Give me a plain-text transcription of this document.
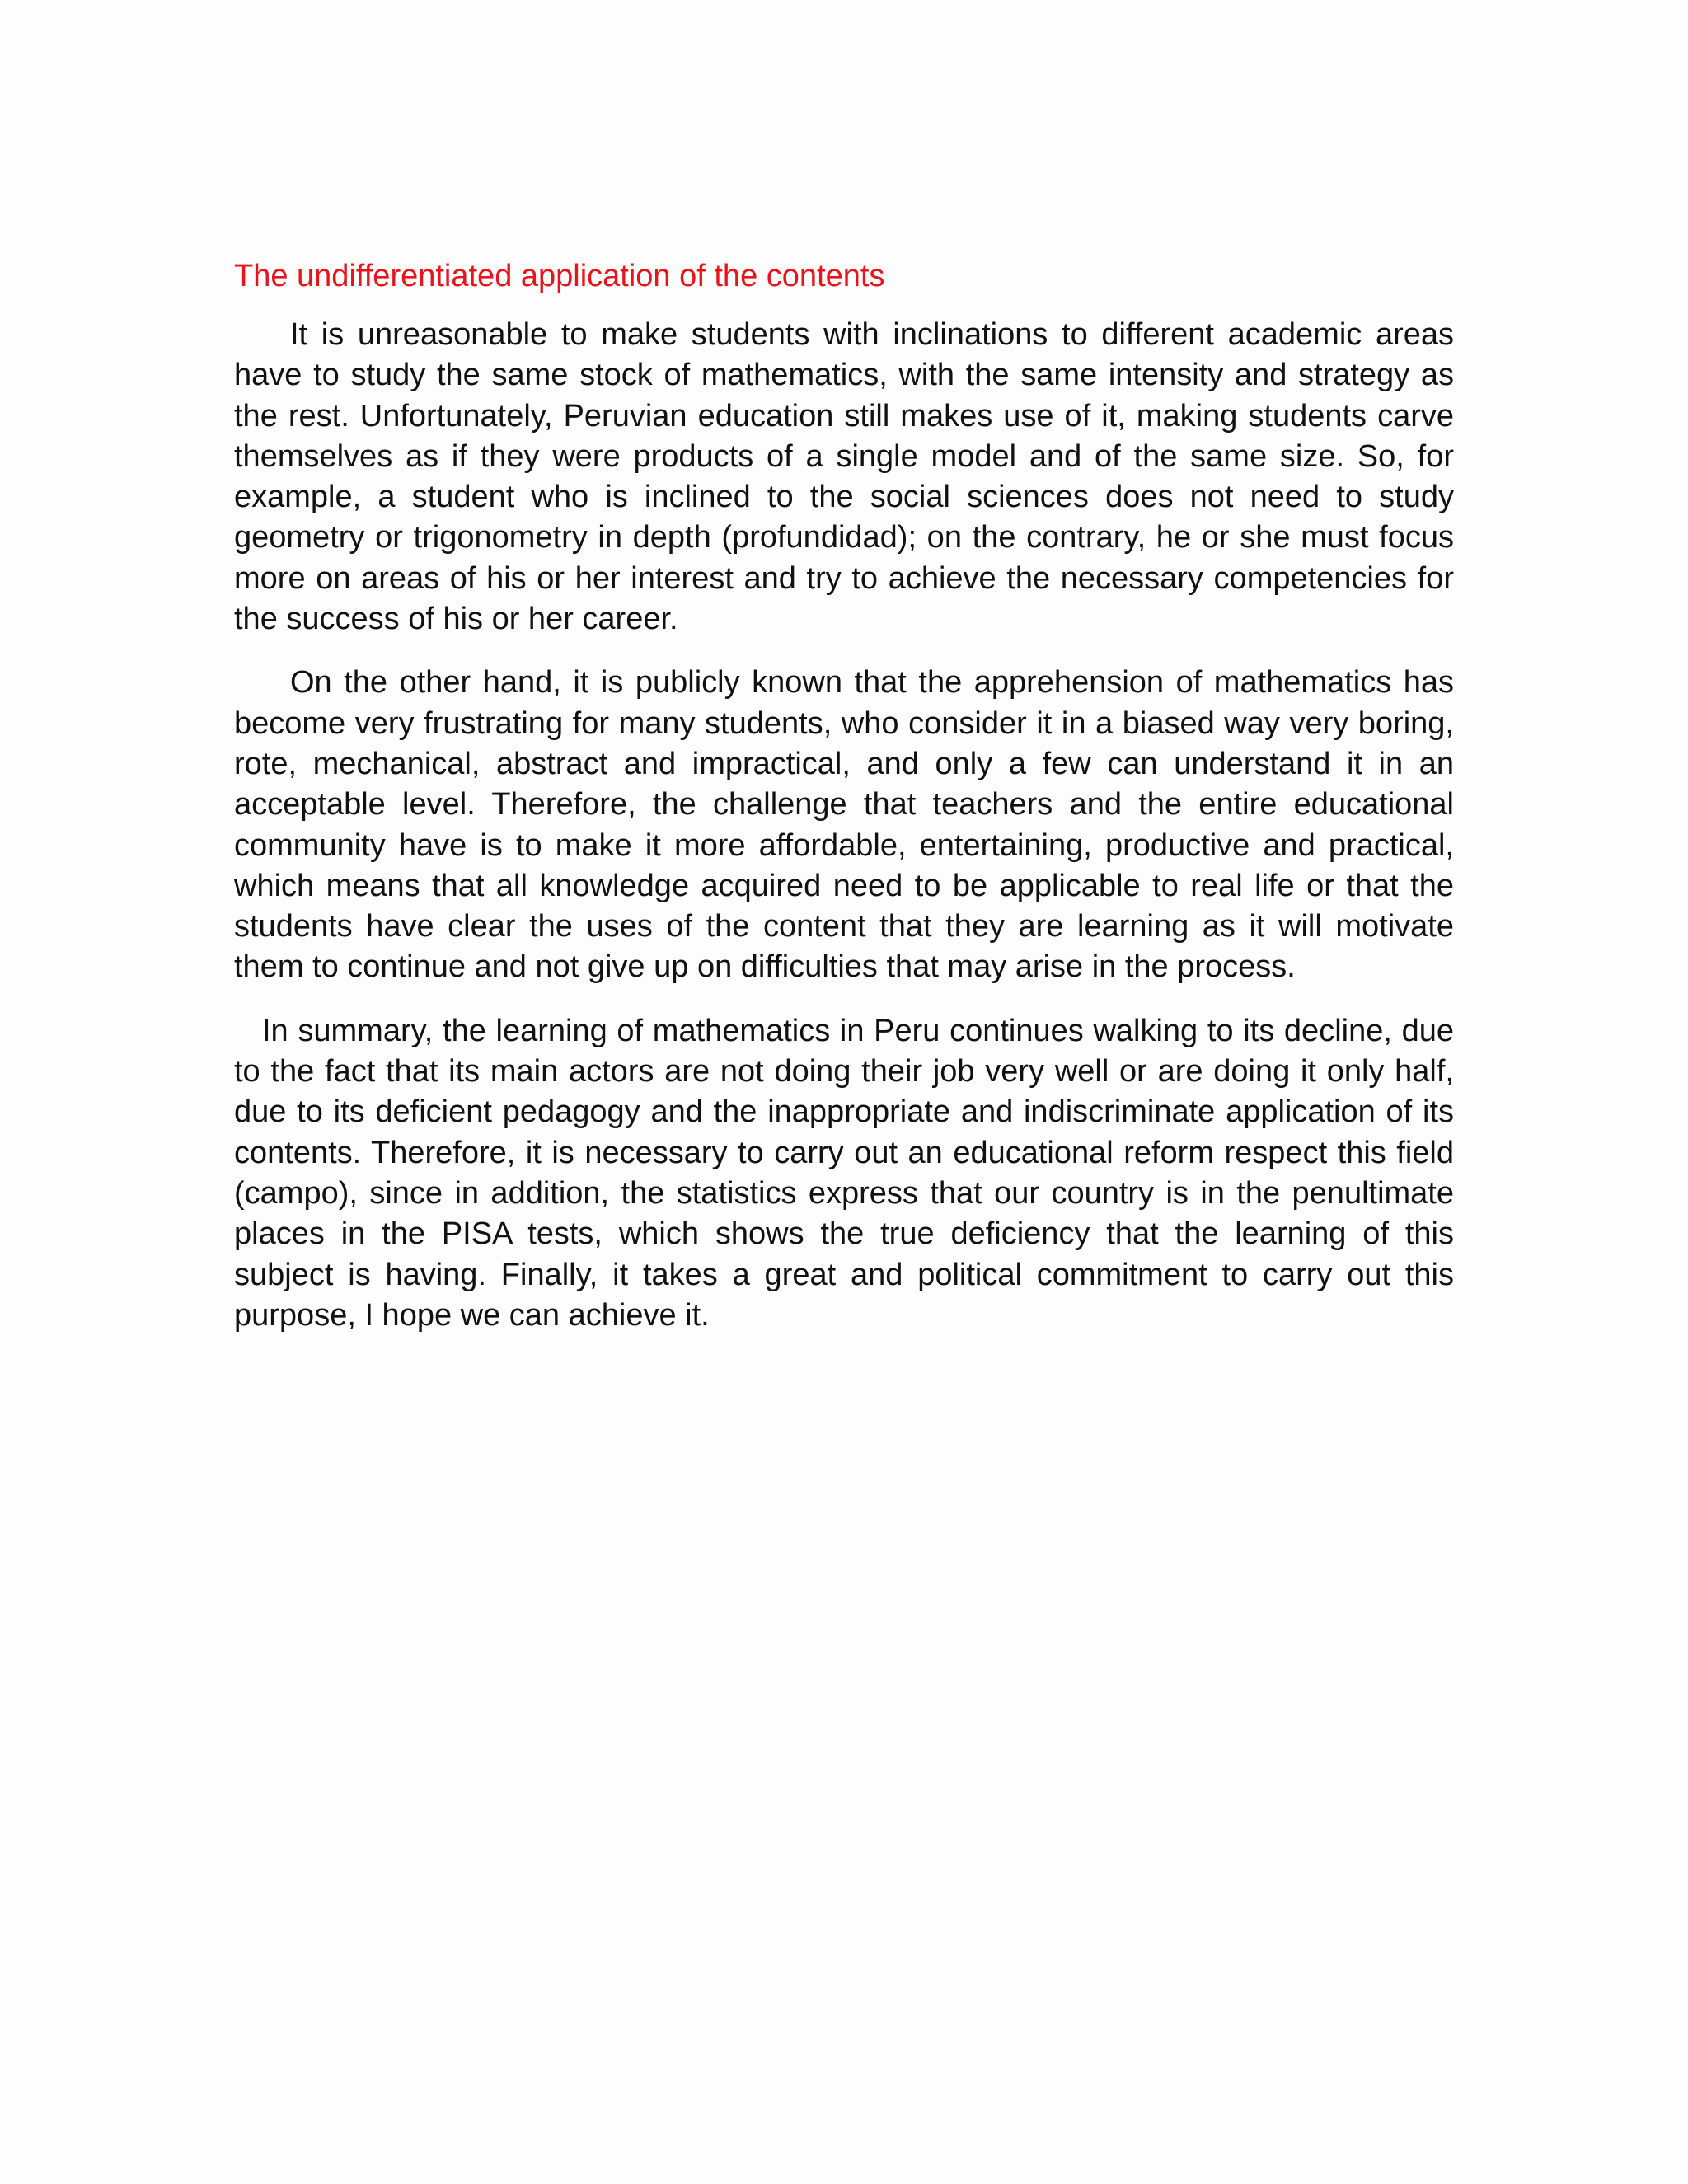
The undifferentiated application of the contents

It is unreasonable to make students with inclinations to different academic areas have to study the same stock of mathematics, with the same intensity and strategy as the rest. Unfortunately, Peruvian education still makes use of it, making students carve themselves as if they were products of a single model and of the same size. So, for example, a student who is inclined to the social sciences does not need to study geometry or trigonometry in depth (profundidad); on the contrary, he or she must focus more on areas of his or her interest and try to achieve the necessary competencies for the success of his or her career.

On the other hand, it is publicly known that the apprehension of mathematics has become very frustrating for many students, who consider it in a biased way very boring, rote, mechanical, abstract and impractical, and only a few can understand it in an acceptable level. Therefore, the challenge that teachers and the entire educational community have is to make it more affordable, entertaining, productive and practical, which means that all knowledge acquired need to be applicable to real life or that the students have clear the uses of the content that they are learning as it will motivate them to continue and not give up on difficulties that may arise in the process.

In summary, the learning of mathematics in Peru continues walking to its decline, due to the fact that its main actors are not doing their job very well or are doing it only half, due to its deficient pedagogy and the inappropriate and indiscriminate application of its contents. Therefore, it is necessary to carry out an educational reform respect this field (campo), since in addition, the statistics express that our country is in the penultimate places in the PISA tests, which shows the true deficiency that the learning of this subject is having. Finally, it takes a great and political commitment to carry out this purpose, I hope we can achieve it.
